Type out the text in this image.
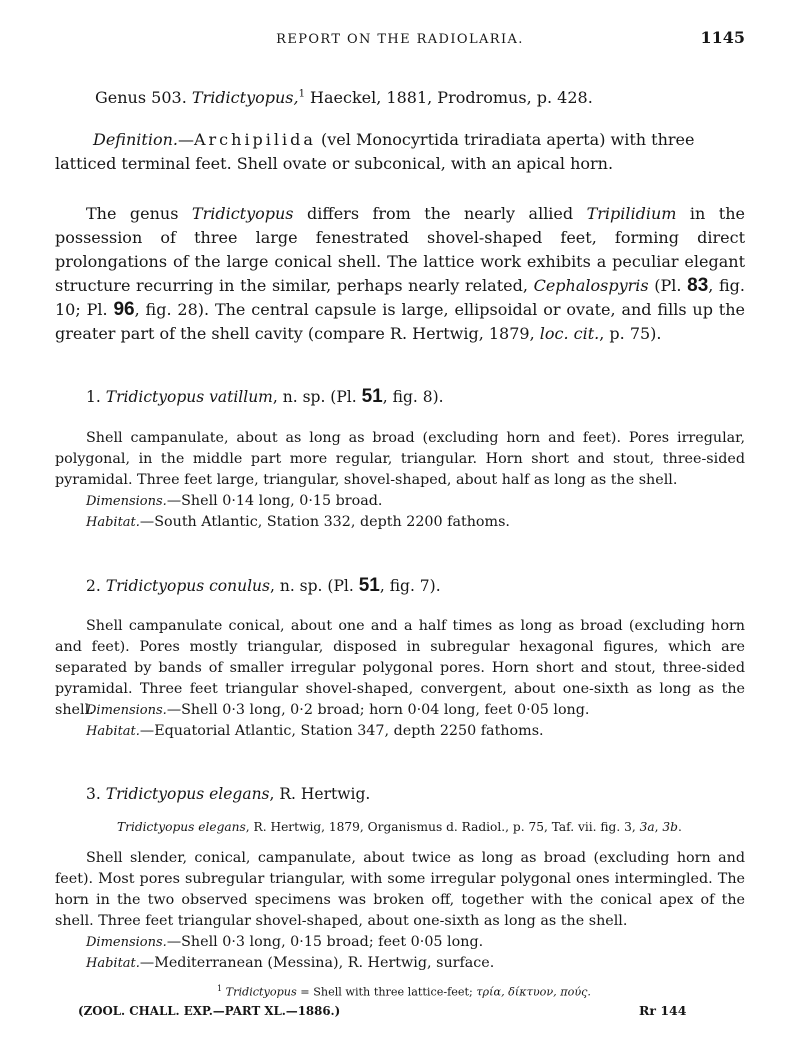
REPORT ON THE RADIOLARIA.	1145

Genus 503. Tridictyopus,$^1$ Haeckel, 1881, Prodromus, p. 428.

Definition.—Archipilida (vel Monocyrtida triradiata aperta) with three latticed terminal feet. Shell ovate or subconical, with an apical horn.

The genus Tridictyopus differs from the nearly allied Tripilidium in the possession of three large fenestrated shovel-shaped feet, forming direct prolongations of the large conical shell. The lattice work exhibits a peculiar elegant structure recurring in the similar, perhaps nearly related, Cephalospyris (Pl. 83, fig. 10; Pl. 96, fig. 28). The central capsule is large, ellipsoidal or ovate, and fills up the greater part of the shell cavity (compare R. Hertwig, 1879, loc. cit., p. 75).

1. Tridictyopus vatillum, n. sp. (Pl. 51, fig. 8).

Shell campanulate, about as long as broad (excluding horn and feet). Pores irregular, polygonal, in the middle part more regular, triangular. Horn short and stout, three-sided pyramidal. Three feet large, triangular, shovel-shaped, about half as long as the shell.

Dimensions.—Shell 0·14 long, 0·15 broad.

Habitat.—South Atlantic, Station 332, depth 2200 fathoms.

2. Tridictyopus conulus, n. sp. (Pl. 51, fig. 7).

Shell campanulate conical, about one and a half times as long as broad (excluding horn and feet). Pores mostly triangular, disposed in subregular hexagonal figures, which are separated by bands of smaller irregular polygonal pores. Horn short and stout, three-sided pyramidal. Three feet triangular shovel-shaped, convergent, about one-sixth as long as the shell.

Dimensions.—Shell 0·3 long, 0·2 broad; horn 0·04 long, feet 0·05 long.

Habitat.—Equatorial Atlantic, Station 347, depth 2250 fathoms.

3. Tridictyopus elegans, R. Hertwig.

Tridictyopus elegans, R. Hertwig, 1879, Organismus d. Radiol., p. 75, Taf. vii. fig. 3, 3a, 3b.

Shell slender, conical, campanulate, about twice as long as broad (excluding horn and feet). Most pores subregular triangular, with some irregular polygonal ones intermingled. The horn in the two observed specimens was broken off, together with the conical apex of the shell. Three feet triangular shovel-shaped, about one-sixth as long as the shell.

Dimensions.—Shell 0·3 long, 0·15 broad; feet 0·05 long.

Habitat.—Mediterranean (Messina), R. Hertwig, surface.

$^1$ Tridictyopus = Shell with three lattice-feet; τρία, δίκτυον, πούς.

(ZOOL. CHALL. EXP.—PART XL.—1886.)	Rr 144
